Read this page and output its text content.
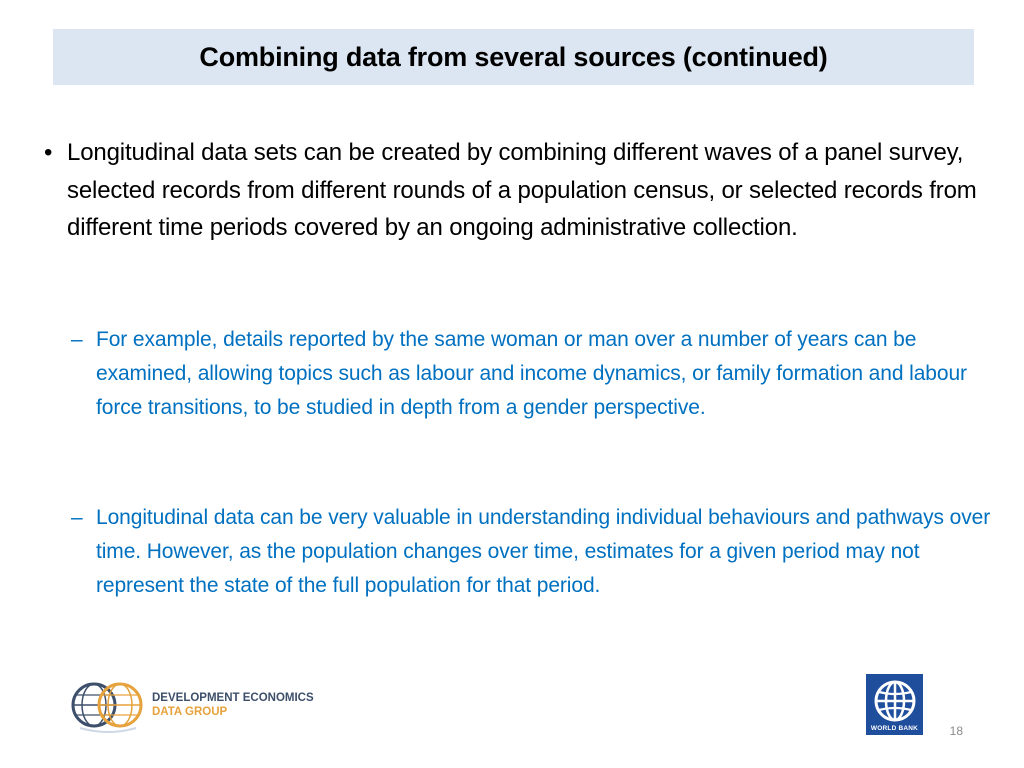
Combining data from several sources (continued)
• Longitudinal data sets can be created by combining different waves of a panel survey, selected records from different rounds of a population census, or selected records from different time periods covered by an ongoing administrative collection.
– For example, details reported by the same woman or man over a number of years can be examined, allowing topics such as labour and income dynamics, or family formation and labour force transitions, to be studied in depth from a gender perspective.
– Longitudinal data can be very valuable in understanding individual behaviours and pathways over time. However, as the population changes over time, estimates for a given period may not represent the state of the full population for that period.
DEVELOPMENT ECONOMICS
DATA GROUP
WORLD BANK	18
